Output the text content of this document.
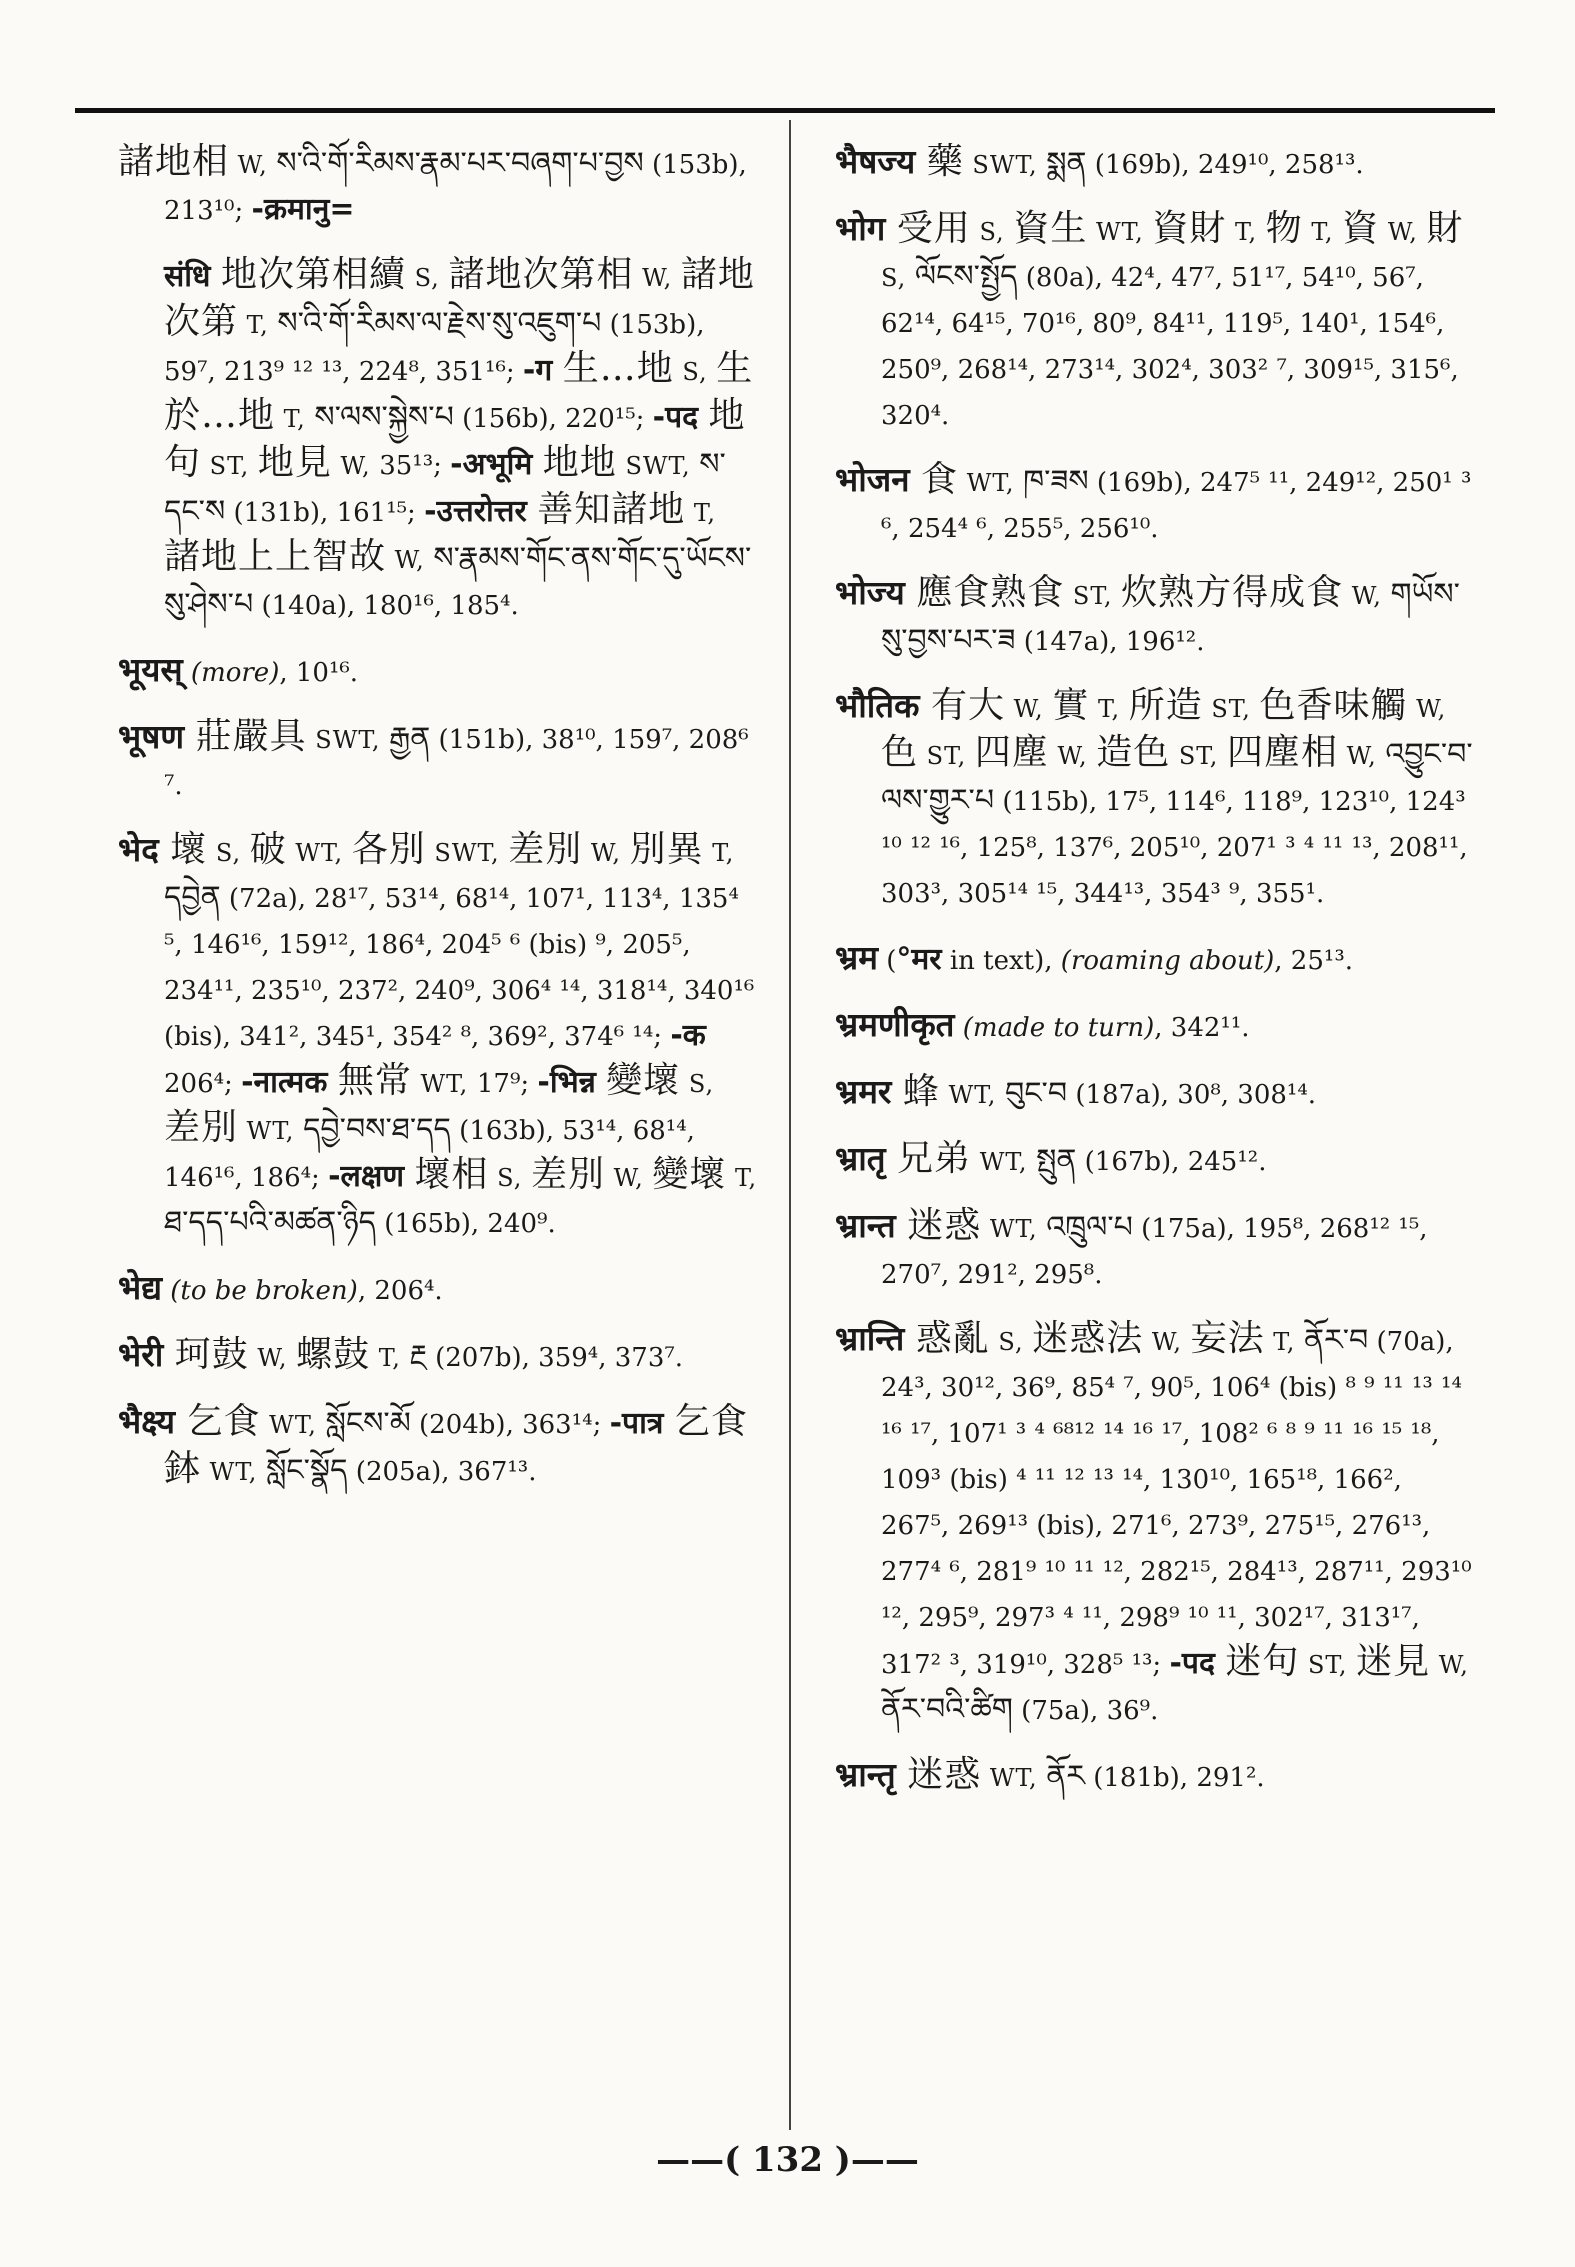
諸地相 W, ས་འི་གོ་རིམས་རྣམ་པར་བཞག་པ་བྱས (153b), 213¹⁰; -क्रमानु=
संधि 地次第相續 S, 諸地次第相 W, 諸地次第 T, ས་འི་གོ་རིམས་ལ་རྗེས་སུ་འཇུག་པ (153b), 59⁷, 213⁹ ¹² ¹³, 224⁸, 351¹⁶; -ग 生…地 S, 生於…地 T, ས་ལས་སྐྱེས་པ (156b), 220¹⁵; -पद 地句 ST, 地見 W, 35¹³; -अभूमि 地地 SWT, ས་དང་ས (131b), 161¹⁵; -उत्तरोत्तर 善知諸地 T, 諸地上上智故 W, ས་རྣམས་གོང་ནས་གོང་དུ་ཡོངས་སུ་ཤེས་པ (140a), 180¹⁶, 185⁴.
भूयस् (more), 10¹⁶.
भूषण 莊嚴具 SWT, རྒྱན (151b), 38¹⁰, 159⁷, 208⁶ ⁷.
भेद 壞 S, 破 WT, 各別 SWT, 差別 W, 別異 T, དབྱེན (72a), 28¹⁷, 53¹⁴, 68¹⁴, 107¹, 113⁴, 135⁴ ⁵, 146¹⁶, 159¹², 186⁴, 204⁵ ⁶ (bis) ⁹, 205⁵, 234¹¹, 235¹⁰, 237², 240⁹, 306⁴ ¹⁴, 318¹⁴, 340¹⁶ (bis), 341², 345¹, 354² ⁸, 369², 374⁶ ¹⁴; -क 206⁴; -नात्मक 無常 WT, 17⁹; -भिन्न 變壞 S, 差別 WT, དབྱེ་བས་ཐ་དད (163b), 53¹⁴, 68¹⁴, 146¹⁶, 186⁴; -लक्षण 壞相 S, 差別 W, 變壞 T, ཐ་དད་པའི་མཚན་ཉིད (165b), 240⁹.
भेद्य (to be broken), 206⁴.
भेरी 珂鼓 W, 螺鼓 T, རྔ (207b), 359⁴, 373⁷.
भैक्ष्य 乞食 WT, སློངས་མོ (204b), 363¹⁴; -पात्र 乞食鉢 WT, སློང་སྣོད (205a), 367¹³.
भैषज्य 藥 SWT, སྨན (169b), 249¹⁰, 258¹³.
भोग 受用 S, 資生 WT, 資財 T, 物 T, 資 W, 財 S, ལོངས་སྤྱོད (80a), 42⁴, 47⁷, 51¹⁷, 54¹⁰, 56⁷, 62¹⁴, 64¹⁵, 70¹⁶, 80⁹, 84¹¹, 119⁵, 140¹, 154⁶, 250⁹, 268¹⁴, 273¹⁴, 302⁴, 303² ⁷, 309¹⁵, 315⁶, 320⁴.
भोजन 食 WT, ཁ་ཟས (169b), 247⁵ ¹¹, 249¹², 250¹ ³ ⁶, 254⁴ ⁶, 255⁵, 256¹⁰.
भोज्य 應食熟食 ST, 炊熟方得成食 W, གཡོས་སུ་བྱས་པར་ཟ (147a), 196¹².
भौतिक 有大 W, 實 T, 所造 ST, 色香味觸 W, 色 ST, 四塵 W, 造色 ST, 四塵相 W, འབྱུང་བ་ལས་གྱུར་པ (115b), 17⁵, 114⁶, 118⁹, 123¹⁰, 124³ ¹⁰ ¹² ¹⁶, 125⁸, 137⁶, 205¹⁰, 207¹ ³ ⁴ ¹¹ ¹³, 208¹¹, 303³, 305¹⁴ ¹⁵, 344¹³, 354³ ⁹, 355¹.
भ्रम (°मर in text), (roaming about), 25¹³.
भ्रमणीकृत (made to turn), 342¹¹.
भ्रमर 蜂 WT, བུང་བ (187a), 30⁸, 308¹⁴.
भ्रातृ 兄弟 WT, སྤུན (167b), 245¹².
भ्रान्त 迷惑 WT, འཁྲུལ་པ (175a), 195⁸, 268¹² ¹⁵, 270⁷, 291², 295⁸.
भ्रान्ति 惑亂 S, 迷惑法 W, 妄法 T, ནོར་བ (70a), 24³, 30¹², 36⁹, 85⁴ ⁷, 90⁵, 106⁴ (bis) ⁸ ⁹ ¹¹ ¹³ ¹⁴ ¹⁶ ¹⁷, 107¹ ³ ⁴ ⁶⁸¹² ¹⁴ ¹⁶ ¹⁷, 108² ⁶ ⁸ ⁹ ¹¹ ¹⁶ ¹⁵ ¹⁸, 109³ (bis) ⁴ ¹¹ ¹² ¹³ ¹⁴, 130¹⁰, 165¹⁸, 166², 267⁵, 269¹³ (bis), 271⁶, 273⁹, 275¹⁵, 276¹³, 277⁴ ⁶, 281⁹ ¹⁰ ¹¹ ¹², 282¹⁵, 284¹³, 287¹¹, 293¹⁰ ¹², 295⁹, 297³ ⁴ ¹¹, 298⁹ ¹⁰ ¹¹, 302¹⁷, 313¹⁷, 317² ³, 319¹⁰, 328⁵ ¹³; -पद 迷句 ST, 迷見 W, ནོར་བའི་ཚིག (75a), 36⁹.
भ्रान्तृ 迷惑 WT, ནོར (181b), 291².
——( 132 )——
